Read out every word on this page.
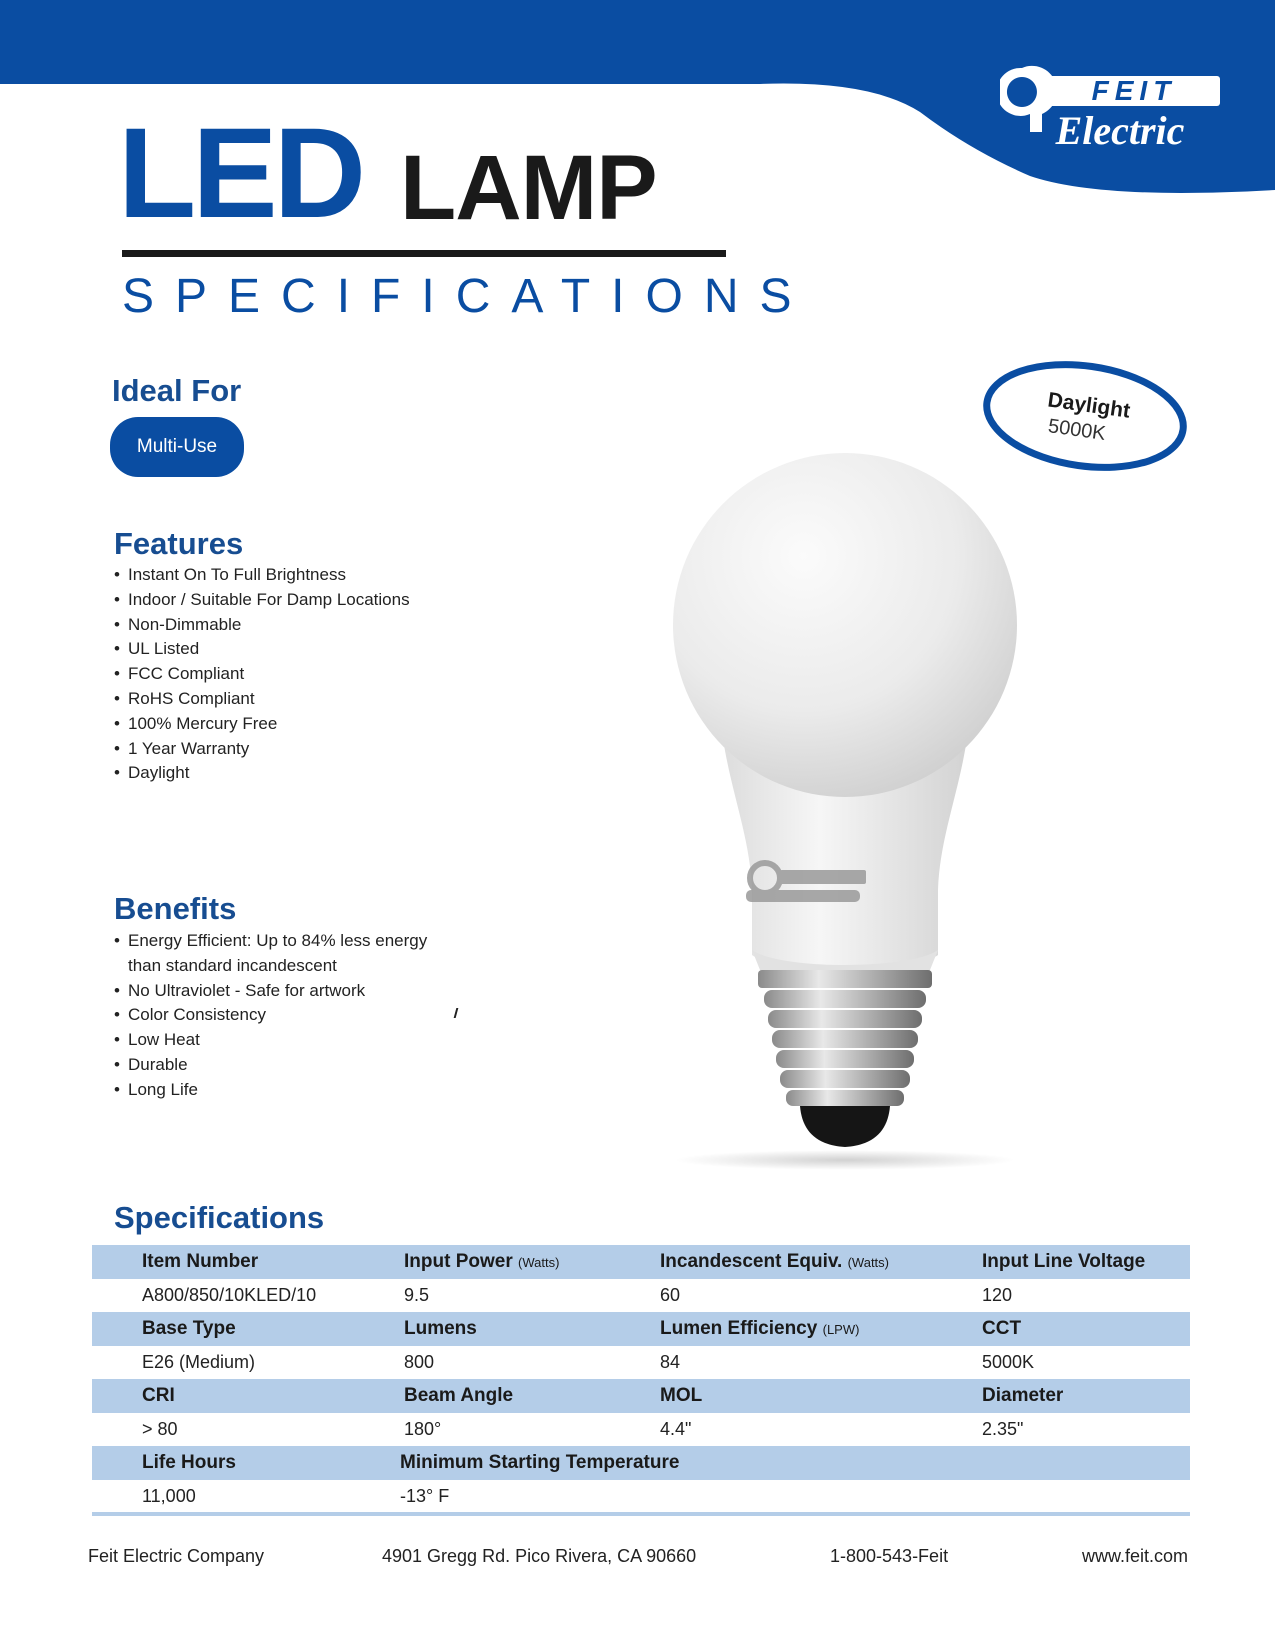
FEIT
Electric
LED LAMP
SPECIFICATIONS
Daylight
5000K
Ideal For
Multi-Use
Features
• Instant On To Full Brightness
• Indoor / Suitable For Damp Locations
• Non-Dimmable
• UL Listed
• FCC Compliant
• RoHS Compliant
• 100% Mercury Free
• 1 Year Warranty
• Daylight
Benefits
• Energy Efficient: Up to 84% less energy
than standard incandescent
• No Ultraviolet - Safe for artwork
• Color Consistency
• Low Heat
• Durable
• Long Life
Specifications
Item Number	Input Power (Watts)	Incandescent Equiv. (Watts)	Input Line Voltage
A800/850/10KLED/10	9.5	60	120
Base Type	Lumens	Lumen Efficiency (LPW)	CCT
E26 (Medium)	800	84	5000K
CRI	Beam Angle	MOL	Diameter
> 80	180°	4.4"	2.35"
Life Hours	Minimum Starting Temperature
11,000	-13° F
Feit Electric Company	4901 Gregg Rd. Pico Rivera, CA 90660	1-800-543-Feit	www.feit.com
